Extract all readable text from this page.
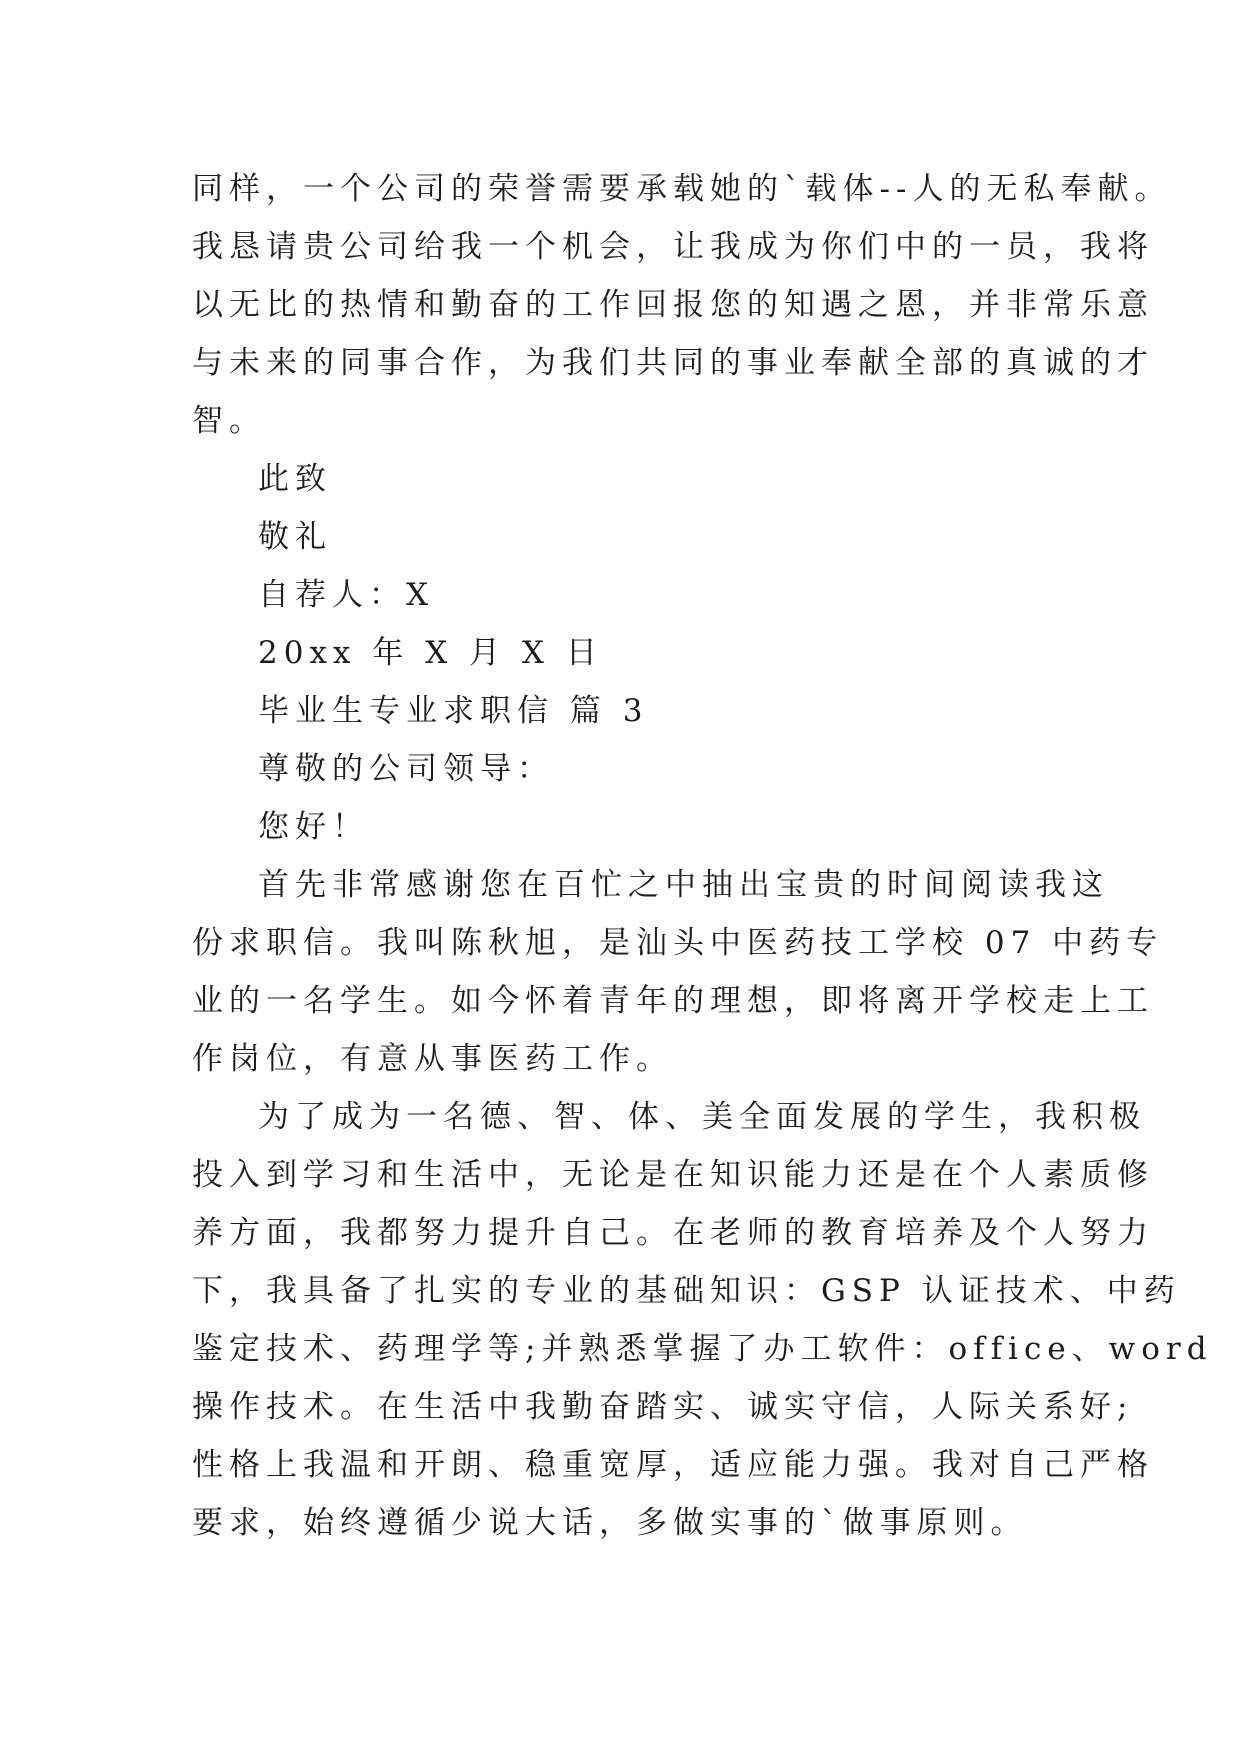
同样，一个公司的荣誉需要承载她的`载体--人的无私奉献。
我恳请贵公司给我一个机会，让我成为你们中的一员，我将
以无比的热情和勤奋的工作回报您的知遇之恩，并非常乐意
与未来的同事合作，为我们共同的事业奉献全部的真诚的才
智。
此致
敬礼
自荐人：X
20xx 年 X 月 X 日
毕业生专业求职信 篇 3
尊敬的公司领导：
您好！
首先非常感谢您在百忙之中抽出宝贵的时间阅读我这
份求职信。我叫陈秋旭，是汕头中医药技工学校 07 中药专
业的一名学生。如今怀着青年的理想，即将离开学校走上工
作岗位，有意从事医药工作。
为了成为一名德、智、体、美全面发展的学生，我积极
投入到学习和生活中，无论是在知识能力还是在个人素质修
养方面，我都努力提升自己。在老师的教育培养及个人努力
下，我具备了扎实的专业的基础知识：GSP 认证技术、中药
鉴定技术、药理学等;并熟悉掌握了办工软件：office、word
操作技术。在生活中我勤奋踏实、诚实守信，人际关系好;
性格上我温和开朗、稳重宽厚，适应能力强。我对自己严格
要求，始终遵循少说大话，多做实事的`做事原则。
